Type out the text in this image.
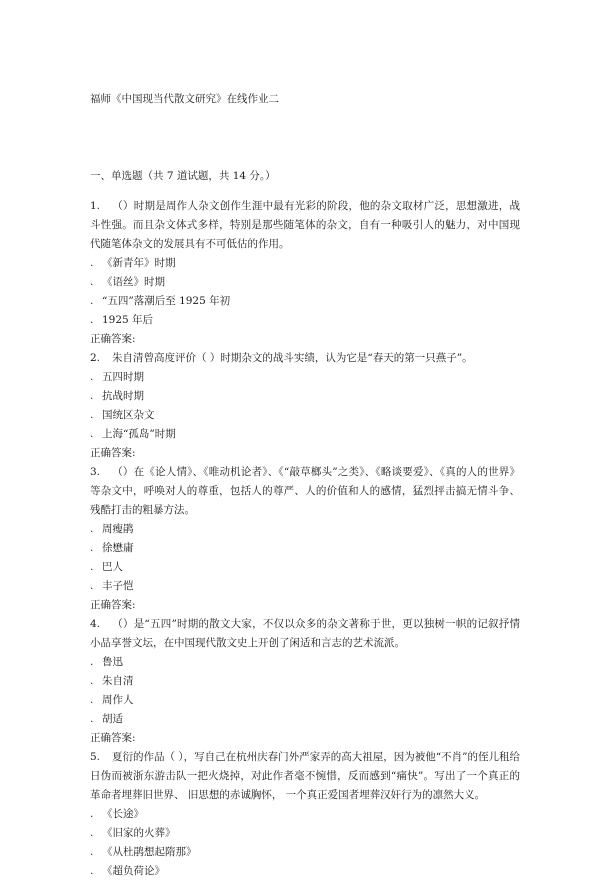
福师《中国现当代散文研究》在线作业二
一、单选题（共 7 道试题，共 14 分。）

1. （）时期是周作人杂文创作生涯中最有光彩的阶段，他的杂文取材广泛，思想激进，战斗性强。而且杂文体式多样，特别是那些随笔体的杂文，自有一种吸引人的魅力，对中国现代随笔体杂文的发展具有不可低估的作用。

. 《新青年》时期
. 《语丝》时期
. “五四”落潮后至 1925 年初
. 1925 年后

正确答案:

2. 朱自清曾高度评价（ ）时期杂文的战斗实绩，认为它是“春天的第一只燕子”。

. 五四时期
. 抗战时期
. 国统区杂文
. 上海“孤岛”时期

正确答案:

3. （）在《论人情》、《唯动机论者》、《“敲草榔头”之类》、《略谈要爱》、《真的人的世界》等杂文中，呼唤对人的尊重，包括人的尊严、人的价值和人的感情，猛烈抨击搞无情斗争、残酷打击的粗暴方法。

. 周瘦鹃
. 徐懋庸
. 巴人
. 丰子恺

正确答案:

4. （）是“五四”时期的散文大家，不仅以众多的杂文著称于世，更以独树一帜的记叙抒情小品享誉文坛，在中国现代散文史上开创了闲适和言志的艺术流派。

. 鲁迅
. 朱自清
. 周作人
. 胡适

正确答案:

5. 夏衍的作品（ ），写自己在杭州庆春门外严家弄的高大祖屋，因为被他“不肖”的侄儿租给日伪而被浙东游击队一把火烧掉，对此作者毫不惋惜，反而感到“痛快”。写出了一个真正的革命者埋葬旧世界、 旧思想的赤诚胸怀， 一个真正爱国者埋葬汉奸行为的凛然大义。

. 《长途》
. 《旧家的火葬》
. 《从杜鹃想起隋那》
. 《超负荷论》
